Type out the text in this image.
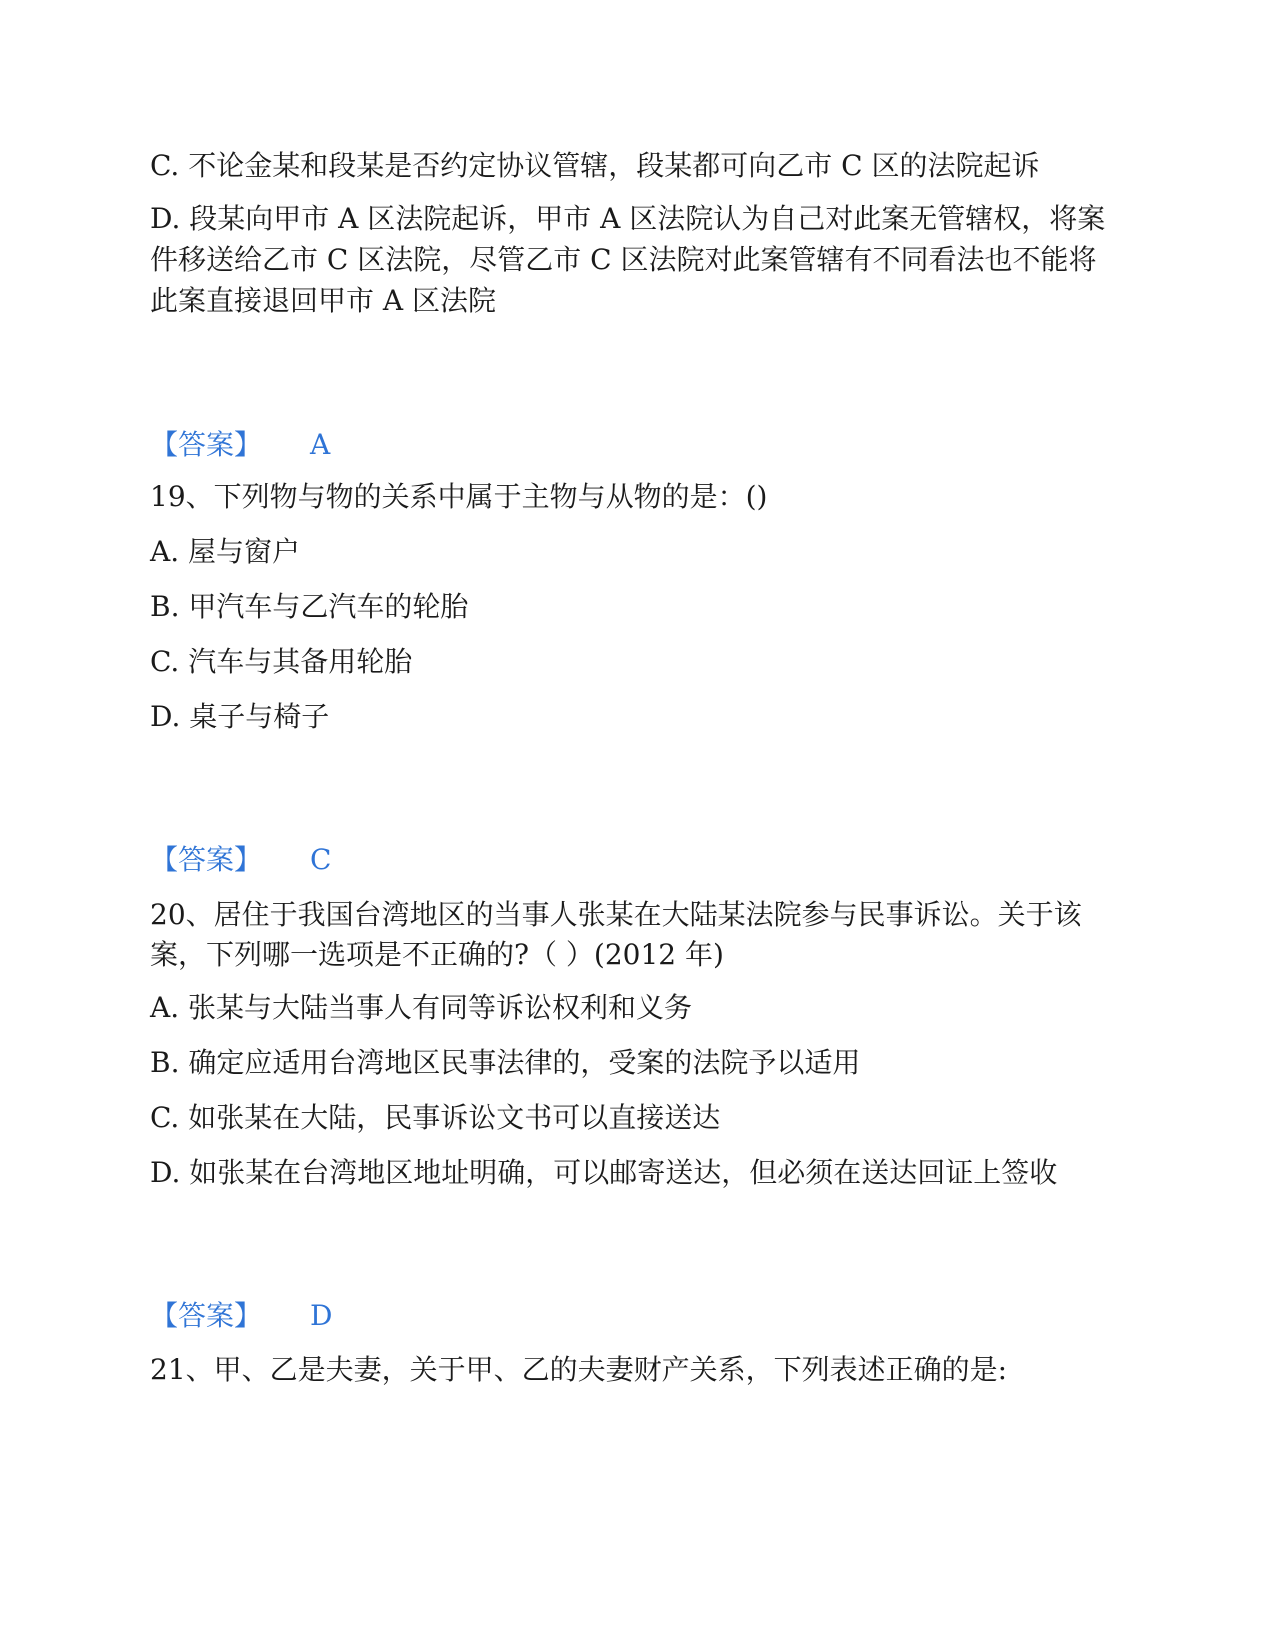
C. 不论金某和段某是否约定协议管辖，段某都可向乙市 C 区的法院起诉
D. 段某向甲市 A 区法院起诉，甲市 A 区法院认为自己对此案无管辖权，将案
件移送给乙市 C 区法院，尽管乙市 C 区法院对此案管辖有不同看法也不能将
此案直接退回甲市 A 区法院
【答案】 A
19、下列物与物的关系中属于主物与从物的是：()
A. 屋与窗户
B. 甲汽车与乙汽车的轮胎
C. 汽车与其备用轮胎
D. 桌子与椅子
【答案】 C
20、居住于我国台湾地区的当事人张某在大陆某法院参与民事诉讼。关于该
案，下列哪一选项是不正确的?（ ）(2012 年)
A. 张某与大陆当事人有同等诉讼权利和义务
B. 确定应适用台湾地区民事法律的，受案的法院予以适用
C. 如张某在大陆，民事诉讼文书可以直接送达
D. 如张某在台湾地区地址明确，可以邮寄送达，但必须在送达回证上签收
【答案】 D
21、甲、乙是夫妻，关于甲、乙的夫妻财产关系，下列表述正确的是:
